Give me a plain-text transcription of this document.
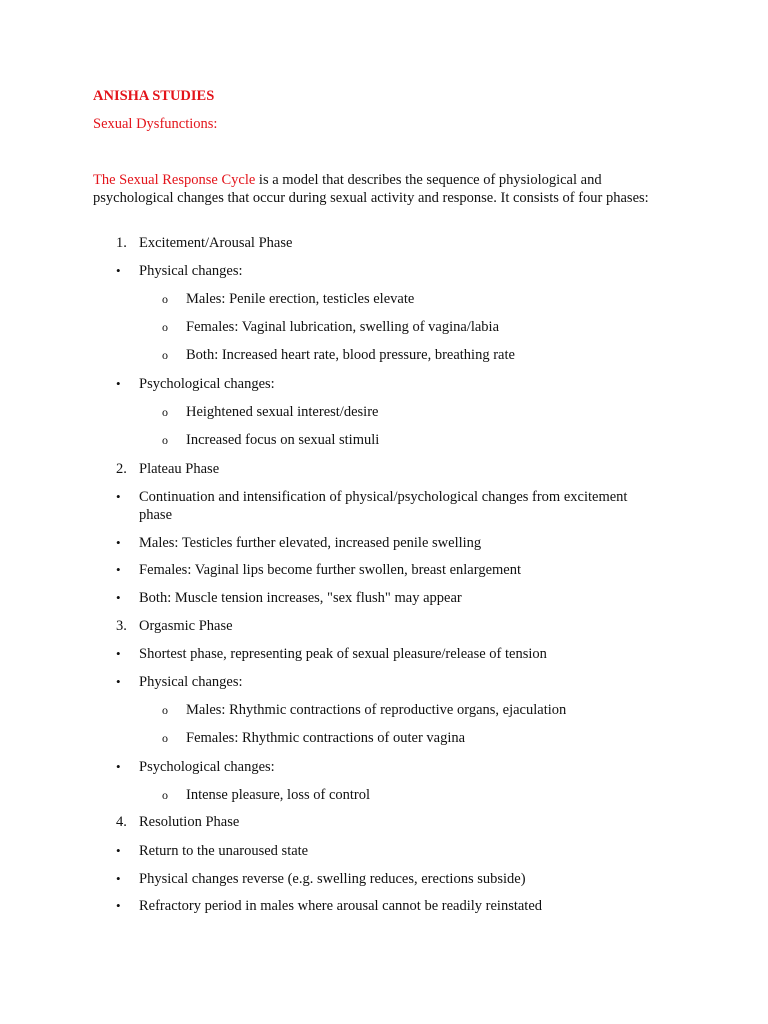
ANISHA STUDIES
Sexual Dysfunctions:
The Sexual Response Cycle is a model that describes the sequence of physiological and psychological changes that occur during sexual activity and response. It consists of four phases:
1. Excitement/Arousal Phase
• Physical changes:
o Males: Penile erection, testicles elevate
o Females: Vaginal lubrication, swelling of vagina/labia
o Both: Increased heart rate, blood pressure, breathing rate
• Psychological changes:
o Heightened sexual interest/desire
o Increased focus on sexual stimuli
2. Plateau Phase
• Continuation and intensification of physical/psychological changes from excitement
phase
• Males: Testicles further elevated, increased penile swelling
• Females: Vaginal lips become further swollen, breast enlargement
• Both: Muscle tension increases, "sex flush" may appear
3. Orgasmic Phase
• Shortest phase, representing peak of sexual pleasure/release of tension
• Physical changes:
o Males: Rhythmic contractions of reproductive organs, ejaculation
o Females: Rhythmic contractions of outer vagina
• Psychological changes:
o Intense pleasure, loss of control
4. Resolution Phase
• Return to the unaroused state
• Physical changes reverse (e.g. swelling reduces, erections subside)
• Refractory period in males where arousal cannot be readily reinstated
